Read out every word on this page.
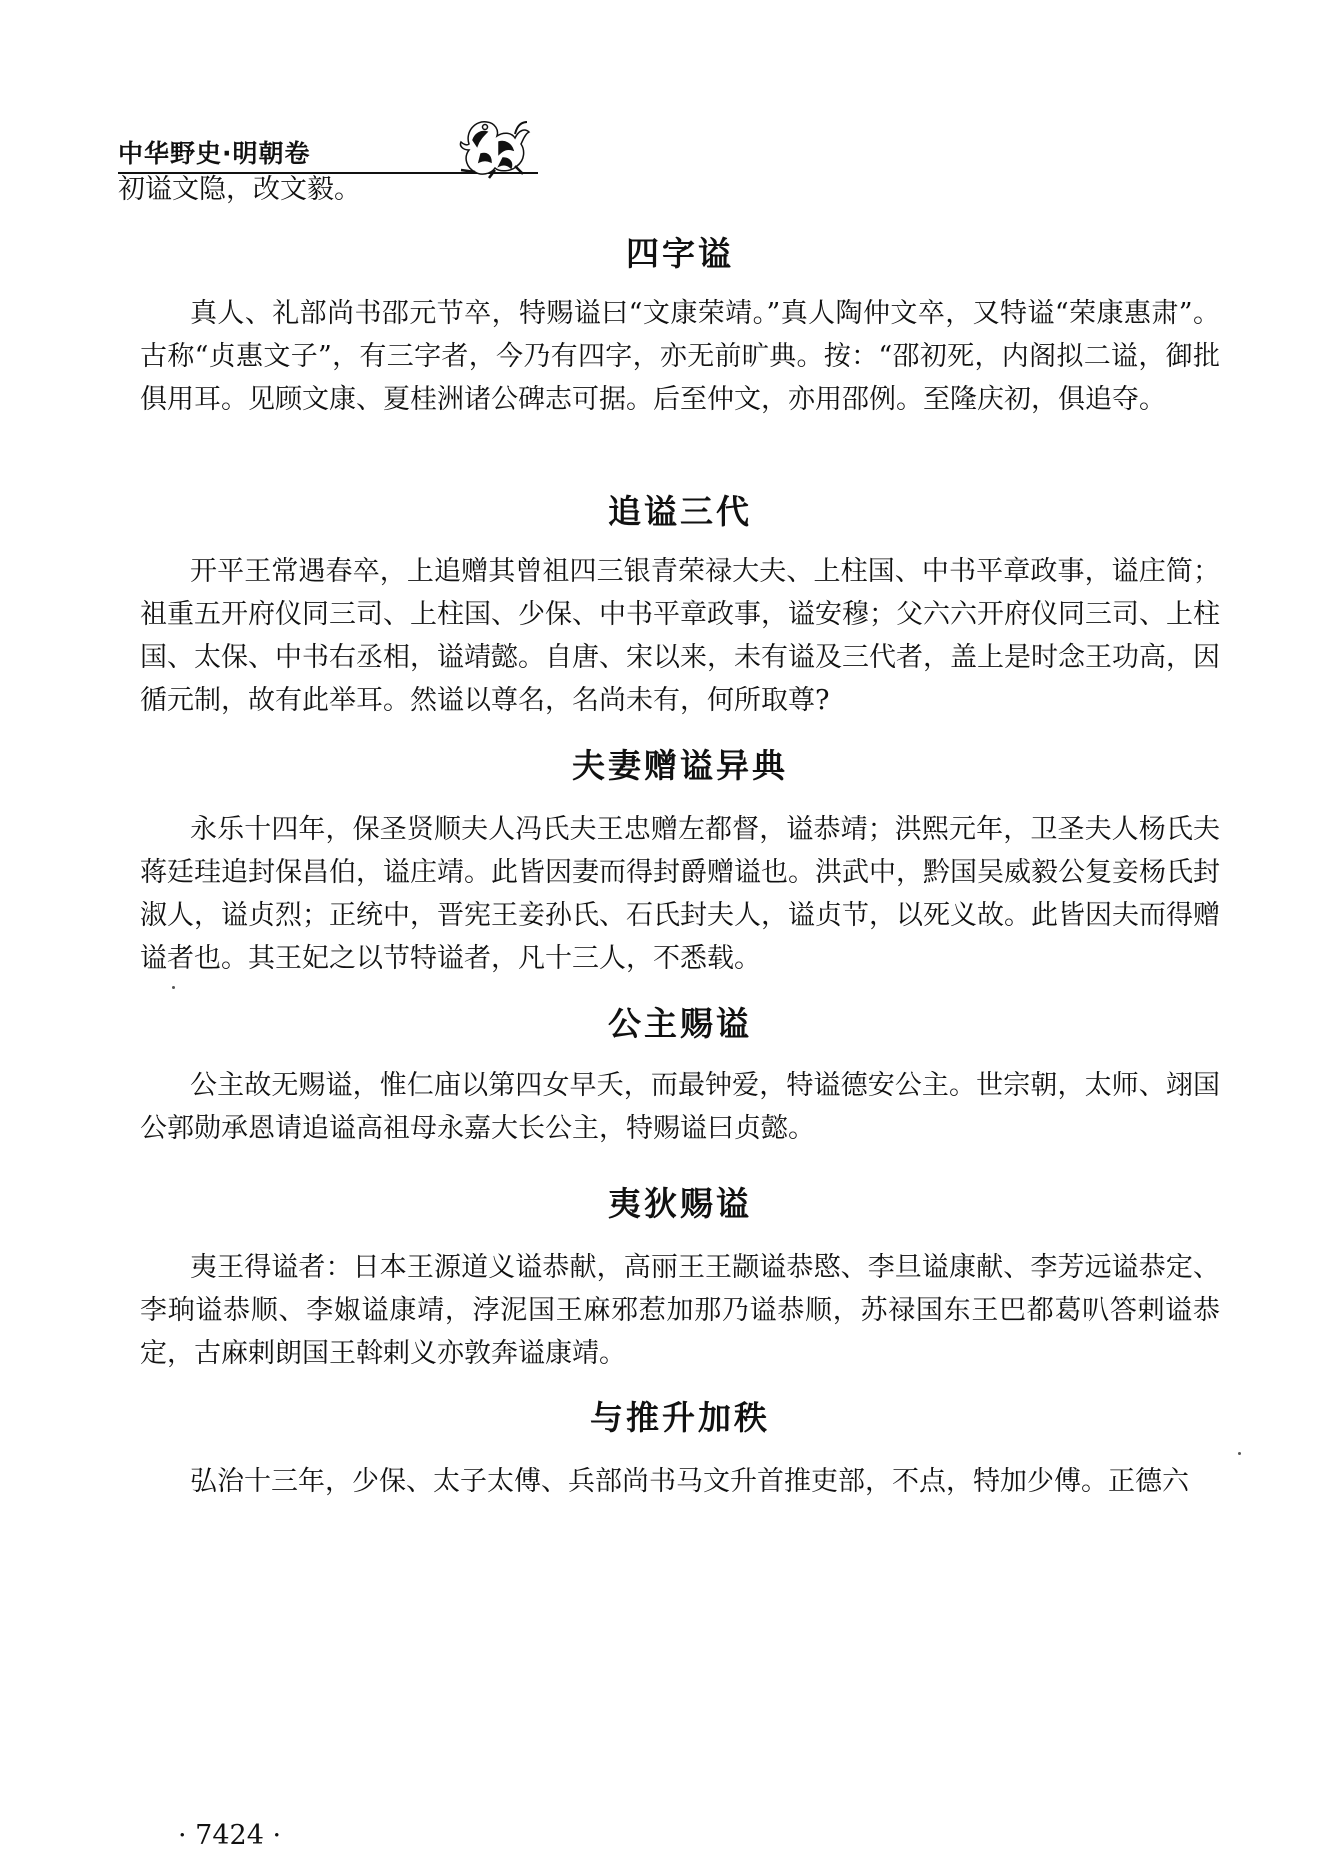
中华野史·明朝卷

初谥文隐，改文毅。

四字谥

真人、礼部尚书邵元节卒，特赐谥曰“文康荣靖。”真人陶仲文卒，又特谥“荣康惠肃”。古称“贞惠文子”，有三字者，今乃有四字，亦无前旷典。按：“邵初死，内阁拟二谥，御批俱用耳。见顾文康、夏桂洲诸公碑志可据。后至仲文，亦用邵例。至隆庆初，俱追夺。

追谥三代

开平王常遇春卒，上追赠其曾祖四三银青荣禄大夫、上柱国、中书平章政事，谥庄简；祖重五开府仪同三司、上柱国、少保、中书平章政事，谥安穆；父六六开府仪同三司、上柱国、太保、中书右丞相，谥靖懿。自唐、宋以来，未有谥及三代者，盖上是时念王功高，因循元制，故有此举耳。然谥以尊名，名尚未有，何所取尊?

夫妻赠谥异典

永乐十四年，保圣贤顺夫人冯氏夫王忠赠左都督，谥恭靖；洪熙元年，卫圣夫人杨氏夫蒋廷珪追封保昌伯，谥庄靖。此皆因妻而得封爵赠谥也。洪武中，黔国吴威毅公复妾杨氏封淑人，谥贞烈；正统中，晋宪王妾孙氏、石氏封夫人，谥贞节，以死义故。此皆因夫而得赠谥者也。其王妃之以节特谥者，凡十三人，不悉载。

公主赐谥

公主故无赐谥，惟仁庙以第四女早夭，而最钟爱，特谥德安公主。世宗朝，太师、翊国公郭勋承恩请追谥高祖母永嘉大长公主，特赐谥曰贞懿。

夷狄赐谥

夷王得谥者：日本王源道义谥恭献，高丽王王颛谥恭愍、李旦谥康献、李芳远谥恭定、李珦谥恭顺、李婌谥康靖，浡泥国王麻邪惹加那乃谥恭顺，苏禄国东王巴都葛叭答剌谥恭定，古麻剌朗国王斡剌义亦敦奔谥康靖。

与推升加秩

弘治十三年，少保、太子太傅、兵部尚书马文升首推吏部，不点，特加少傅。正德六

· 7424 ·
